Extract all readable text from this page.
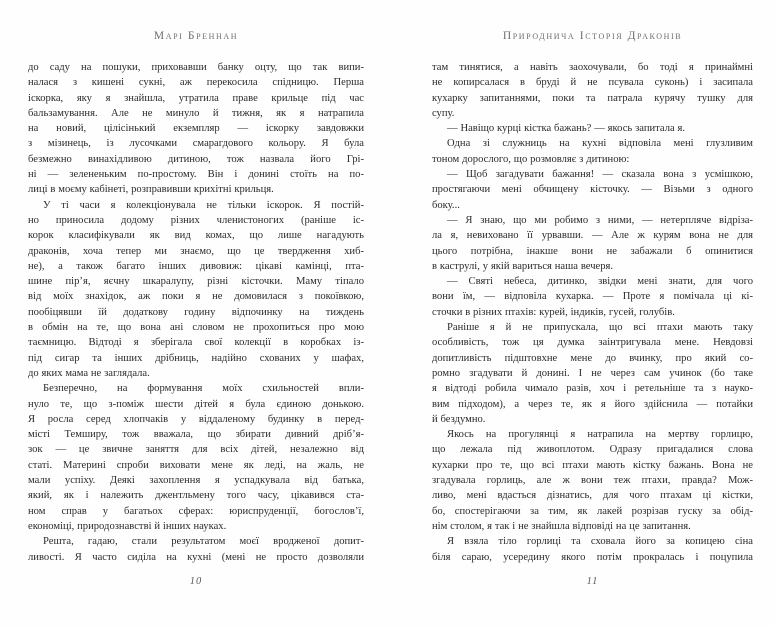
Марі Бреннан
до саду на пошуки, приховавши банку оцту, що так випи-
налася з кишені сукні, аж перекосила спідницю. Перша
іскорка, яку я знайшла, утратила праве крильце під час
бальзамування. Але не минуло й тижня, як я натрапила
на новий, цілісінький екземпляр — іскорку завдовжки
з мізинець, із лусочками смарагдового кольору. Я була
безмежно винахідливою дитиною, тож назвала його Грі-
ні — зелененьким по-простому. Він і донині стоїть на по-
лиці в моєму кабінеті, розправивши крихітні крильця.
У ті часи я колекціонувала не тільки іскорок. Я постій-
но приносила додому різних членистоногих (раніше іс-
корок класифікували як вид комах, що лише нагадують
драконів, хоча тепер ми знаємо, що це твердження хиб-
не), а також багато інших дивовиж: цікаві камінці, пта-
шине пір’я, яєчну шкаралупу, різні кісточки. Маму тіпало
від моїх знахідок, аж поки я не домовилася з покоївкою,
пообіцявши їй додаткову годину відпочинку на тиждень
в обмін на те, що вона ані словом не прохопиться про мою
таємницю. Відтоді я зберігала свої колекції в коробках із-
під сигар та інших дрібниць, надійно схованих у шафах,
до яких мама не заглядала.
Безперечно, на формування моїх схильностей впли-
нуло те, що з-поміж шести дітей я була єдиною донькою.
Я росла серед хлопчаків у віддаленому будинку в перед-
місті Темширу, тож вважала, що збирати дивний дріб’я-
зок — це звичне заняття для всіх дітей, незалежно від
статі. Материні спроби виховати мене як леді, на жаль, не
мали успіху. Деякі захоплення я успадкувала від батька,
який, як і належить джентльмену того часу, цікавився ста-
ном справ у багатьох сферах: юриспруденції, богослов’ї,
економіці, природознавстві й інших науках.
Решта, гадаю, стали результатом моєї вродженої допит-
ливості. Я часто сиділа на кухні (мені не просто дозволяли
10
Природнича Історія Драконів
там тинятися, а навіть заохочували, бо тоді я принаймні
не копирсалася в бруді й не псувала суконь) і засипала
кухарку запитаннями, поки та патрала курячу тушку для
супу.
— Навіщо курці кістка бажань? — якось запитала я.
Одна зі служниць на кухні відповіла мені глузливим
тоном дорослого, що розмовляє з дитиною:
— Щоб загадувати бажання! — сказала вона з усмішкою,
простягаючи мені обчищену кісточку. — Візьми з одного
боку...
— Я знаю, що ми робимо з ними, — нетерпляче відріза-
ла я, невиховано її урвавши. — Але ж курям вона не для
цього потрібна, інакше вони не забажали б опинитися
в каструлі, у якій вариться наша вечеря.
— Святі небеса, дитинко, звідки мені знати, для чого
вони їм, — відповіла кухарка. — Проте я помічала ці кі-
сточки в різних птахів: курей, індиків, гусей, голубів.
Раніше я й не припускала, що всі птахи мають таку
особливість, тож ця думка заінтригувала мене. Невдовзі
допитливість підштовхне мене до вчинку, про який со-
ромно згадувати й донині. І не через сам учинок (бо таке
я відтоді робила чимало разів, хоч і ретельніше та з науко-
вим підходом), а через те, як я його здійснила — потайки
й бездумно.
Якось на прогулянці я натрапила на мертву горлицю,
що лежала під живоплотом. Одразу пригадалися слова
кухарки про те, що всі птахи мають кістку бажань. Вона не
згадувала горлиць, але ж вони теж птахи, правда? Мож-
ливо, мені вдасться дізнатись, для чого птахам ці кістки,
бо, спостерігаючи за тим, як лакей розрізав гуску за обід-
нім столом, я так і не знайшла відповіді на це запитання.
Я взяла тіло горлиці та сховала його за копицею сіна
біля сараю, усередину якого потім прокралась і поцупила
11
